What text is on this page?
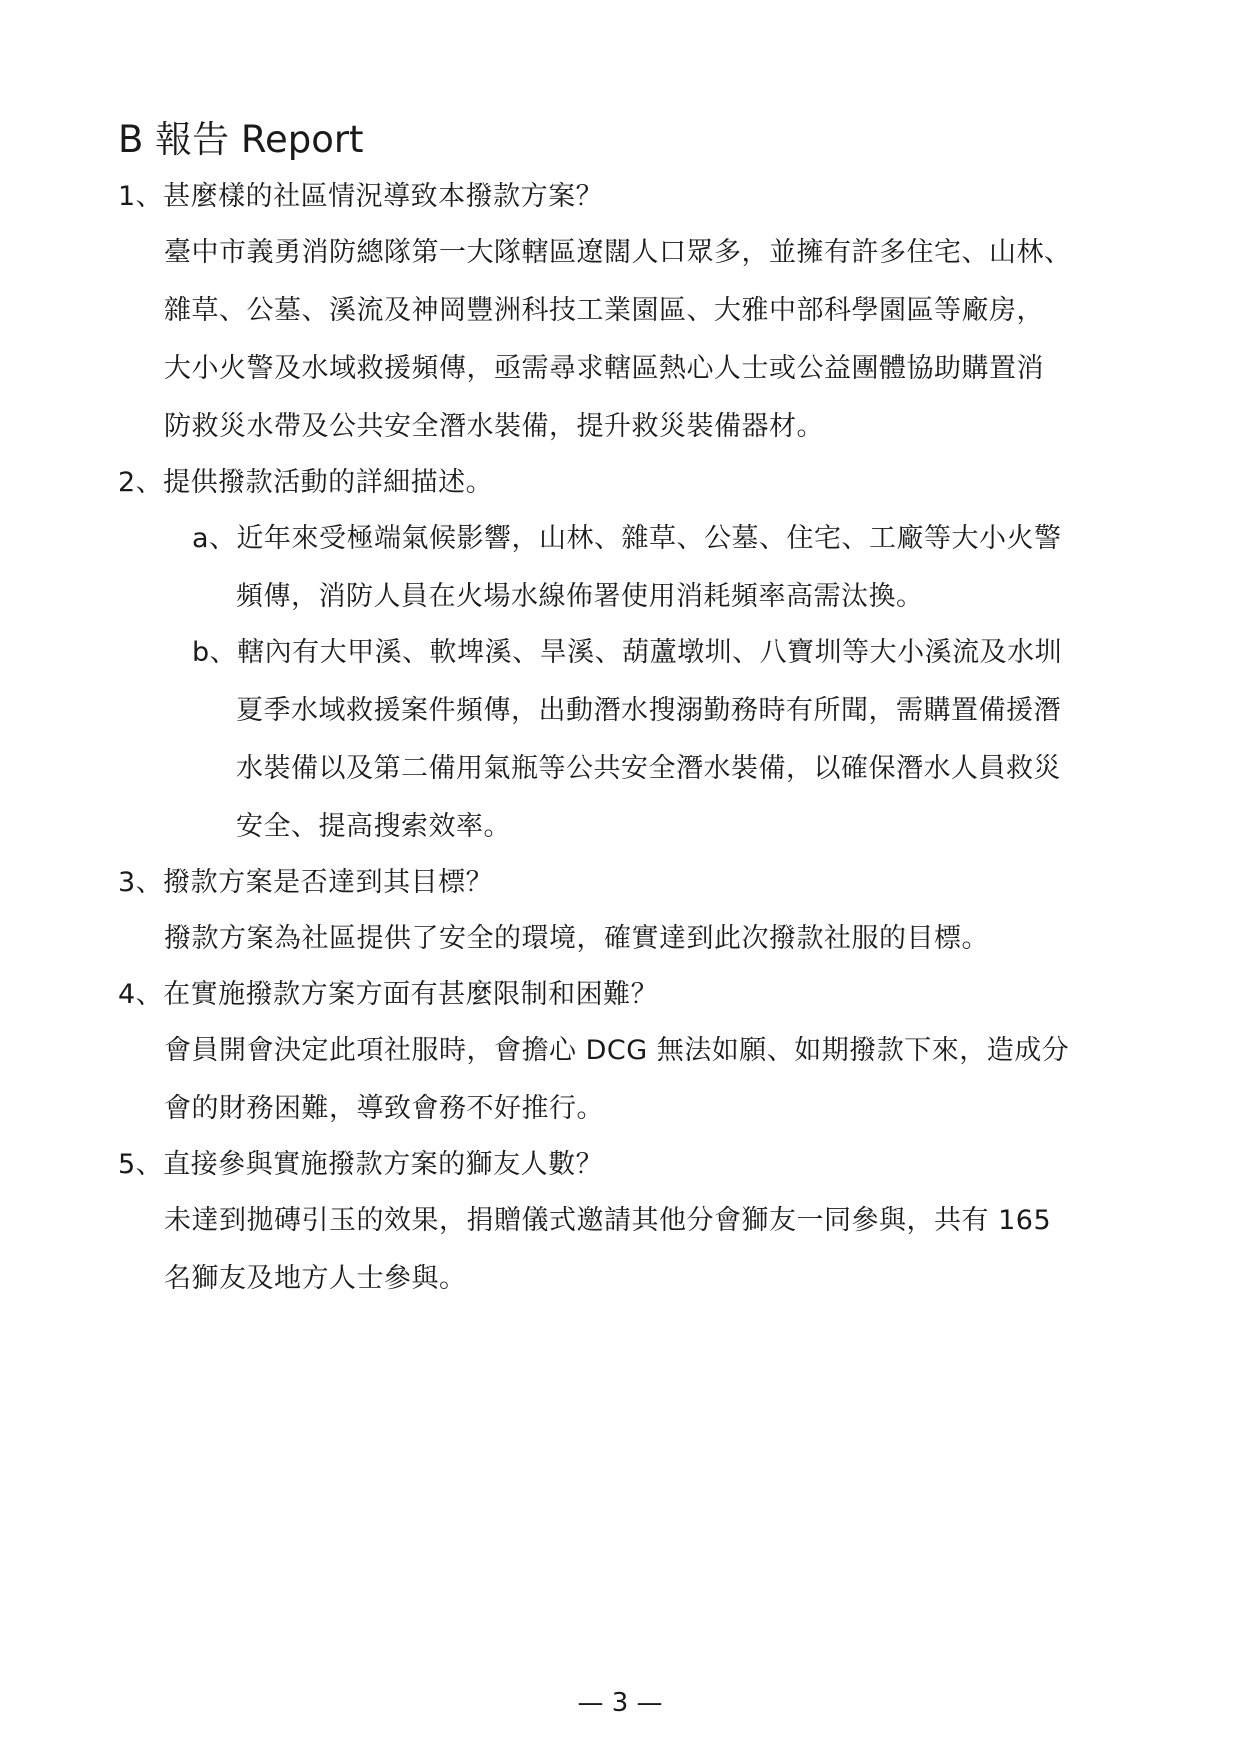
B 報告 Report
1、甚麼樣的社區情況導致本撥款方案？
臺中市義勇消防總隊第一大隊轄區遼闊人口眾多，並擁有許多住宅、山林、
雜草、公墓、溪流及神岡豐洲科技工業園區、大雅中部科學園區等廠房，
大小火警及水域救援頻傳，亟需尋求轄區熱心人士或公益團體協助購置消
防救災水帶及公共安全潛水裝備，提升救災裝備器材。
2、提供撥款活動的詳細描述。
a、近年來受極端氣候影響，山林、雜草、公墓、住宅、工廠等大小火警
頻傳，消防人員在火場水線佈署使用消耗頻率高需汰換。
b、轄內有大甲溪、軟埤溪、旱溪、葫蘆墩圳、八寶圳等大小溪流及水圳
夏季水域救援案件頻傳，出動潛水搜溺勤務時有所聞，需購置備援潛
水裝備以及第二備用氣瓶等公共安全潛水裝備，以確保潛水人員救災
安全、提高搜索效率。
3、撥款方案是否達到其目標？
撥款方案為社區提供了安全的環境，確實達到此次撥款社服的目標。
4、在實施撥款方案方面有甚麼限制和困難？
會員開會決定此項社服時，會擔心 DCG 無法如願、如期撥款下來，造成分
會的財務困難，導致會務不好推行。
5、直接參與實施撥款方案的獅友人數？
未達到拋磚引玉的效果，捐贈儀式邀請其他分會獅友一同參與，共有 165
名獅友及地方人士參與。
— 3 —
